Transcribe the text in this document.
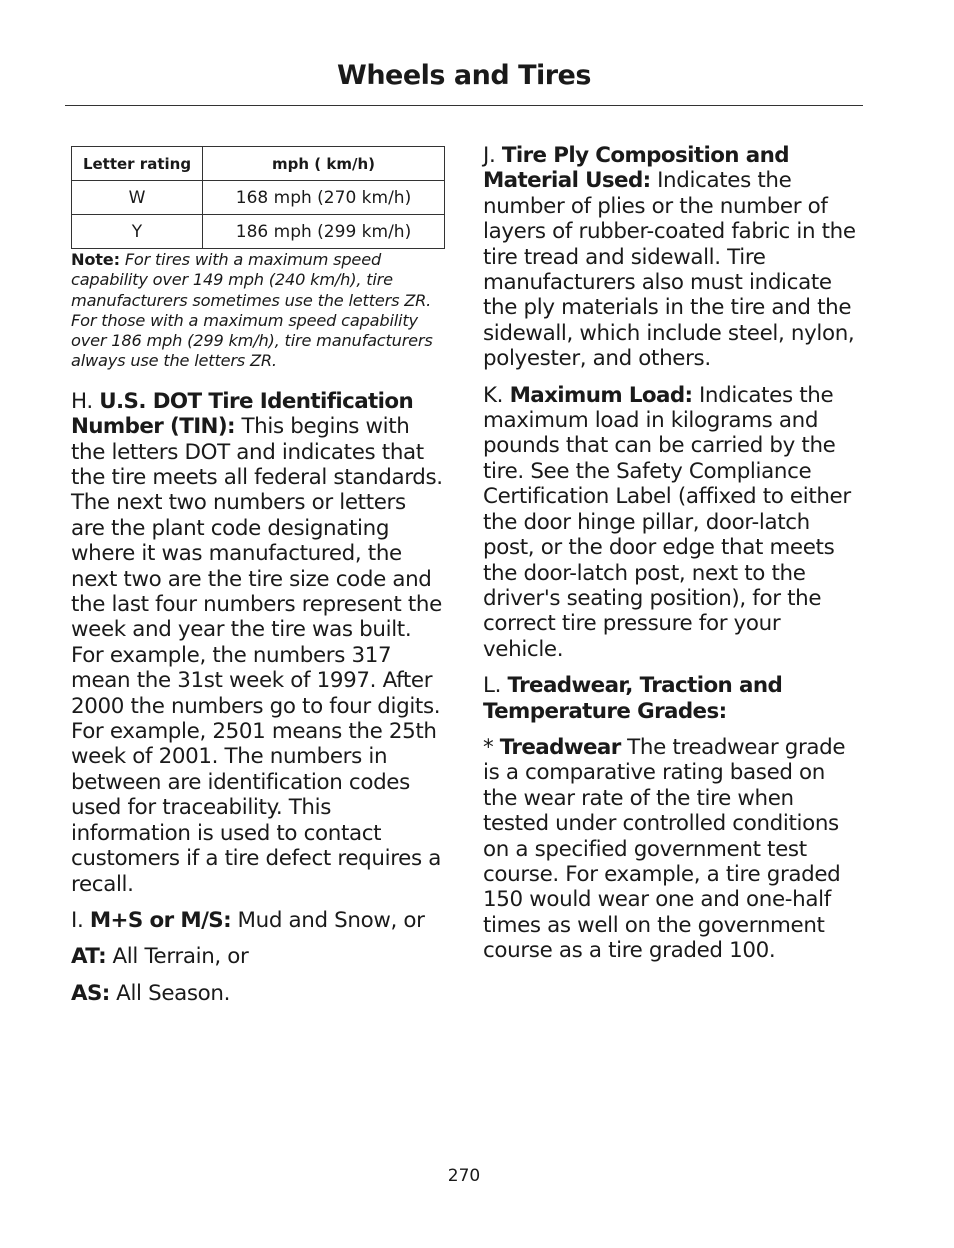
Wheels and Tires
Letter rating	mph ( km/h)
W	168 mph (270 km/h)
Y	186 mph (299 km/h)
Note: For tires with a maximum speed capability over 149 mph (240 km/h), tire manufacturers sometimes use the letters ZR. For those with a maximum speed capability over 186 mph (299 km/h), tire manufacturers always use the letters ZR.

H. U.S. DOT Tire Identification Number (TIN): This begins with the letters DOT and indicates that the tire meets all federal standards. The next two numbers or letters are the plant code designating where it was manufactured, the next two are the tire size code and the last four numbers represent the week and year the tire was built. For example, the numbers 317 mean the 31st week of 1997. After 2000 the numbers go to four digits. For example, 2501 means the 25th week of 2001. The numbers in between are identification codes used for traceability. This information is used to contact customers if a tire defect requires a recall.

I. M+S or M/S: Mud and Snow, or

AT: All Terrain, or

AS: All Season.

J. Tire Ply Composition and Material Used: Indicates the number of plies or the number of layers of rubber-coated fabric in the tire tread and sidewall. Tire manufacturers also must indicate the ply materials in the tire and the sidewall, which include steel, nylon, polyester, and others.

K. Maximum Load: Indicates the maximum load in kilograms and pounds that can be carried by the tire. See the Safety Compliance Certification Label (affixed to either the door hinge pillar, door-latch post, or the door edge that meets the door-latch post, next to the driver's seating position), for the correct tire pressure for your vehicle.

L. Treadwear, Traction and Temperature Grades:

* Treadwear The treadwear grade is a comparative rating based on the wear rate of the tire when tested under controlled conditions on a specified government test course. For example, a tire graded 150 would wear one and one-half times as well on the government course as a tire graded 100.

270
